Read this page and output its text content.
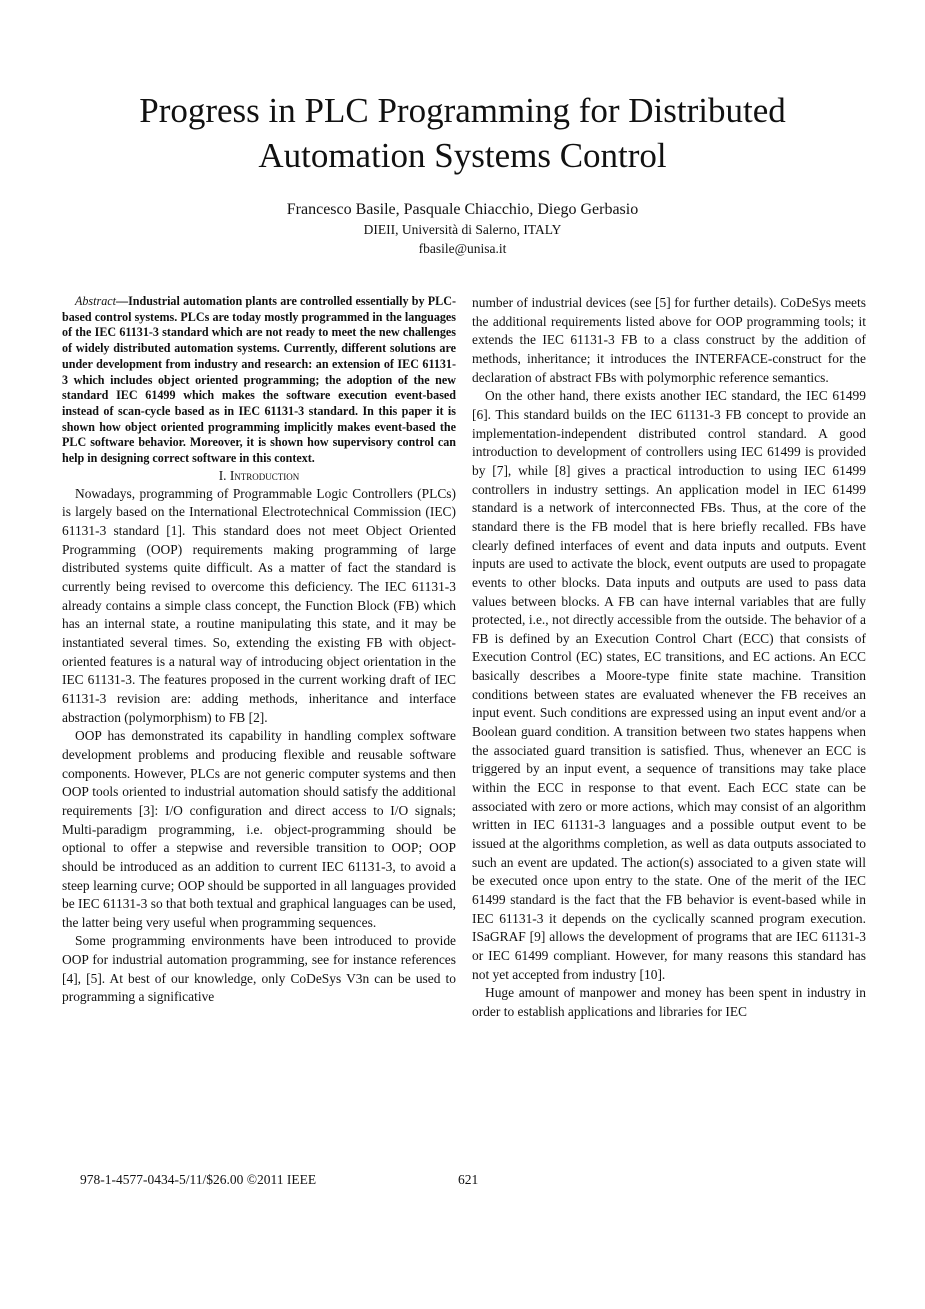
Progress in PLC Programming for Distributed
Automation Systems Control
Francesco Basile, Pasquale Chiacchio, Diego Gerbasio
DIEII, Università di Salerno, ITALY
fbasile@unisa.it

Abstract—Industrial automation plants are controlled essentially by PLC-based control systems. PLCs are today mostly programmed in the languages of the IEC 61131-3 standard which are not ready to meet the new challenges of widely distributed automation systems. Currently, different solutions are under development from industry and research: an extension of IEC 61131-3 which includes object oriented programming; the adoption of the new standard IEC 61499 which makes the software execution event-based instead of scan-cycle based as in IEC 61131-3 standard. In this paper it is shown how object oriented programming implicitly makes event-based the PLC software behavior. Moreover, it is shown how supervisory control can help in designing correct software in this context.

I. Introduction

Nowadays, programming of Programmable Logic Controllers (PLCs) is largely based on the International Electrotechnical Commission (IEC) 61131-3 standard [1]. This standard does not meet Object Oriented Programming (OOP) requirements making programming of large distributed systems quite difficult. As a matter of fact the standard is currently being revised to overcome this deficiency. The IEC 61131-3 already contains a simple class concept, the Function Block (FB) which has an internal state, a routine manipulating this state, and it may be instantiated several times. So, extending the existing FB with object-oriented features is a natural way of introducing object orientation in the IEC 61131-3. The features proposed in the current working draft of IEC 61131-3 revision are: adding methods, inheritance and interface abstraction (polymorphism) to FB [2].

OOP has demonstrated its capability in handling complex software development problems and producing flexible and reusable software components. However, PLCs are not generic computer systems and then OOP tools oriented to industrial automation should satisfy the additional requirements [3]: I/O configuration and direct access to I/O signals; Multi-paradigm programming, i.e. object-programming should be optional to offer a stepwise and reversible transition to OOP; OOP should be introduced as an addition to current IEC 61131-3, to avoid a steep learning curve; OOP should be supported in all languages provided be IEC 61131-3 so that both textual and graphical languages can be used, the latter being very useful when programming sequences.

Some programming environments have been introduced to provide OOP for industrial automation programming, see for instance references [4], [5]. At best of our knowledge, only CoDeSys V3n can be used to programming a significative

number of industrial devices (see [5] for further details). CoDeSys meets the additional requirements listed above for OOP programming tools; it extends the IEC 61131-3 FB to a class construct by the addition of methods, inheritance; it introduces the INTERFACE-construct for the declaration of abstract FBs with polymorphic reference semantics.

On the other hand, there exists another IEC standard, the IEC 61499 [6]. This standard builds on the IEC 61131-3 FB concept to provide an implementation-independent distributed control standard. A good introduction to development of controllers using IEC 61499 is provided by [7], while [8] gives a practical introduction to using IEC 61499 controllers in industry settings. An application model in IEC 61499 standard is a network of interconnected FBs. Thus, at the core of the standard there is the FB model that is here briefly recalled. FBs have clearly defined interfaces of event and data inputs and outputs. Event inputs are used to activate the block, event outputs are used to propagate events to other blocks. Data inputs and outputs are used to pass data values between blocks. A FB can have internal variables that are fully protected, i.e., not directly accessible from the outside. The behavior of a FB is defined by an Execution Control Chart (ECC) that consists of Execution Control (EC) states, EC transitions, and EC actions. An ECC basically describes a Moore-type finite state machine. Transition conditions between states are evaluated whenever the FB receives an input event. Such conditions are expressed using an input event and/or a Boolean guard condition. A transition between two states happens when the associated guard transition is satisfied. Thus, whenever an ECC is triggered by an input event, a sequence of transitions may take place within the ECC in response to that event. Each ECC state can be associated with zero or more actions, which may consist of an algorithm written in IEC 61131-3 languages and a possible output event to be issued at the algorithms completion, as well as data outputs associated to such an event are updated. The action(s) associated to a given state will be executed once upon entry to the state. One of the merit of the IEC 61499 standard is the fact that the FB behavior is event-based while in IEC 61131-3 it depends on the cyclically scanned program execution. ISaGRAF [9] allows the development of programs that are IEC 61131-3 or IEC 61499 compliant. However, for many reasons this standard has not yet accepted from industry [10].

Huge amount of manpower and money has been spent in industry in order to establish applications and libraries for IEC

978-1-4577-0434-5/11/$26.00 ©2011 IEEE	621
